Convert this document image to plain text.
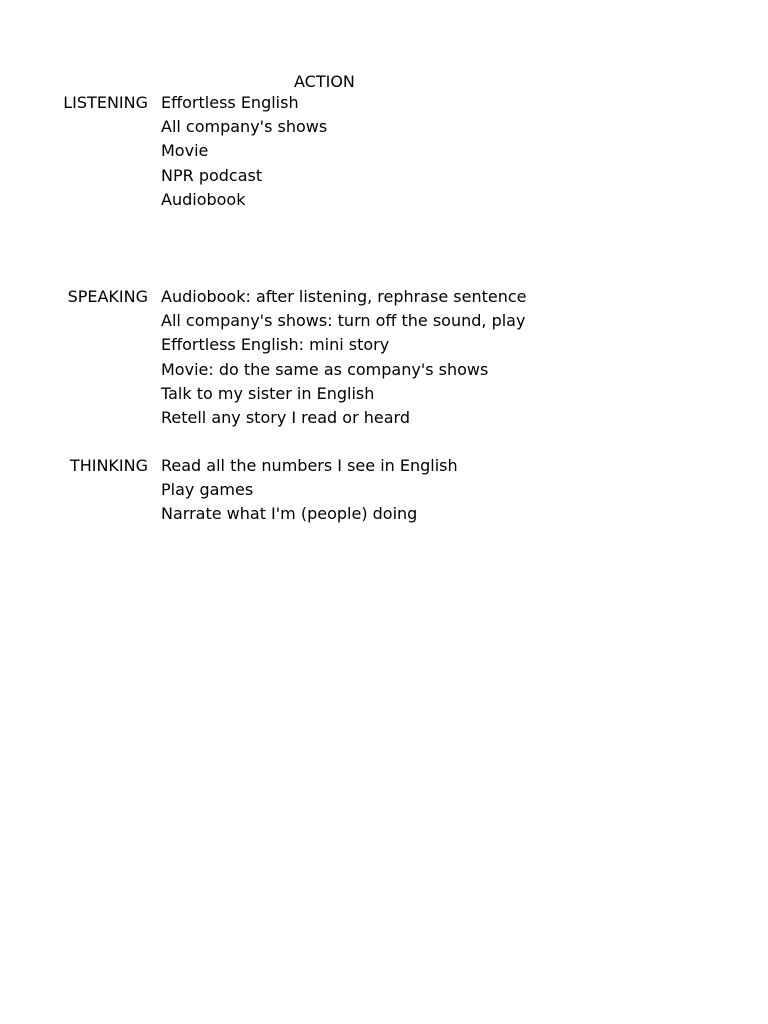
ACTION
LISTENING Effortless English
All company's shows
Movie
NPR podcast
Audiobook
SPEAKING Audiobook: after listening, rephrase sentence
All company's shows: turn off the sound, play
Effortless English: mini story
Movie: do the same as company's shows
Talk to my sister in English
Retell any story I read or heard
THINKING Read all the numbers I see in English
Play games
Narrate what I'm (people) doing
